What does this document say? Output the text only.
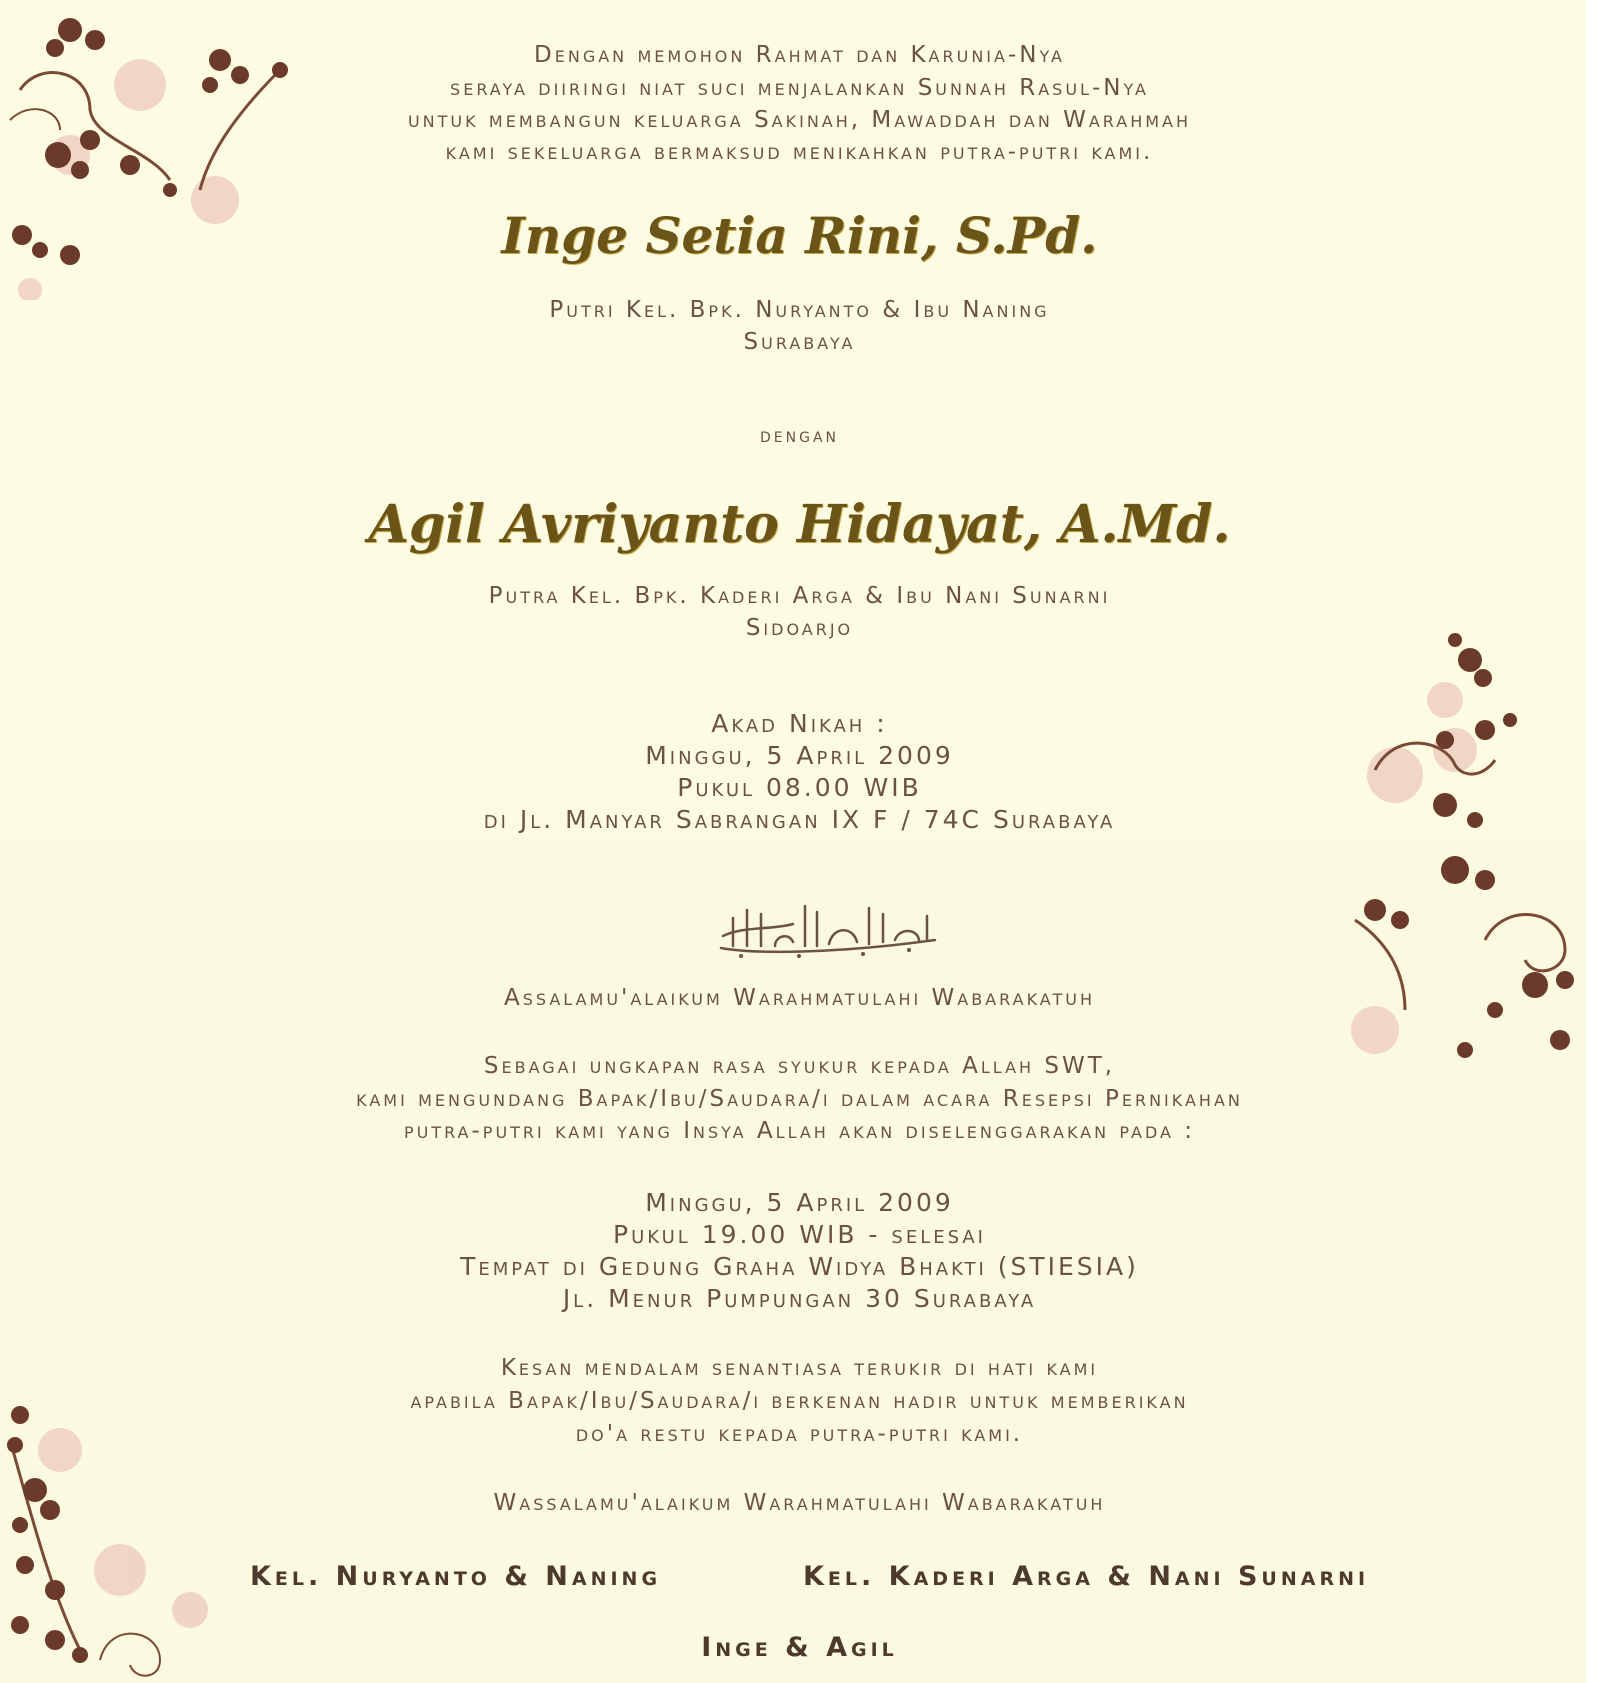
Dengan memohon Rahmat dan Karunia-Nya
seraya diiringi niat suci menjalankan Sunnah Rasul-Nya
untuk membangun keluarga Sakinah, Mawaddah dan Warahmah
kami sekeluarga bermaksud menikahkan putra-putri kami.
Inge Setia Rini, S.Pd.
Putri Kel. Bpk. Nuryanto & Ibu Naning
Surabaya
dengan
Agil Avriyanto Hidayat, A.Md.
Putra Kel. Bpk. Kaderi Arga & Ibu Nani Sunarni
Sidoarjo
Akad Nikah :
Minggu, 5 April 2009
Pukul 08.00 WIB
di Jl. Manyar Sabrangan IX F / 74C Surabaya
Assalamu'alaikum Warahmatulahi Wabarakatuh
Sebagai ungkapan rasa syukur kepada Allah SWT,
kami mengundang Bapak/Ibu/Saudara/i dalam acara Resepsi Pernikahan
putra-putri kami yang Insya Allah akan diselenggarakan pada :
Minggu, 5 April 2009
Pukul 19.00 WIB - selesai
Tempat di Gedung Graha Widya Bhakti (STIESIA)
Jl. Menur Pumpungan 30 Surabaya
Kesan mendalam senantiasa terukir di hati kami
apabila Bapak/Ibu/Saudara/i berkenan hadir untuk memberikan
do'a restu kepada putra-putri kami.
Wassalamu'alaikum Warahmatulahi Wabarakatuh
Kel. Nuryanto & Naning	Kel. Kaderi Arga & Nani Sunarni
Inge & Agil
